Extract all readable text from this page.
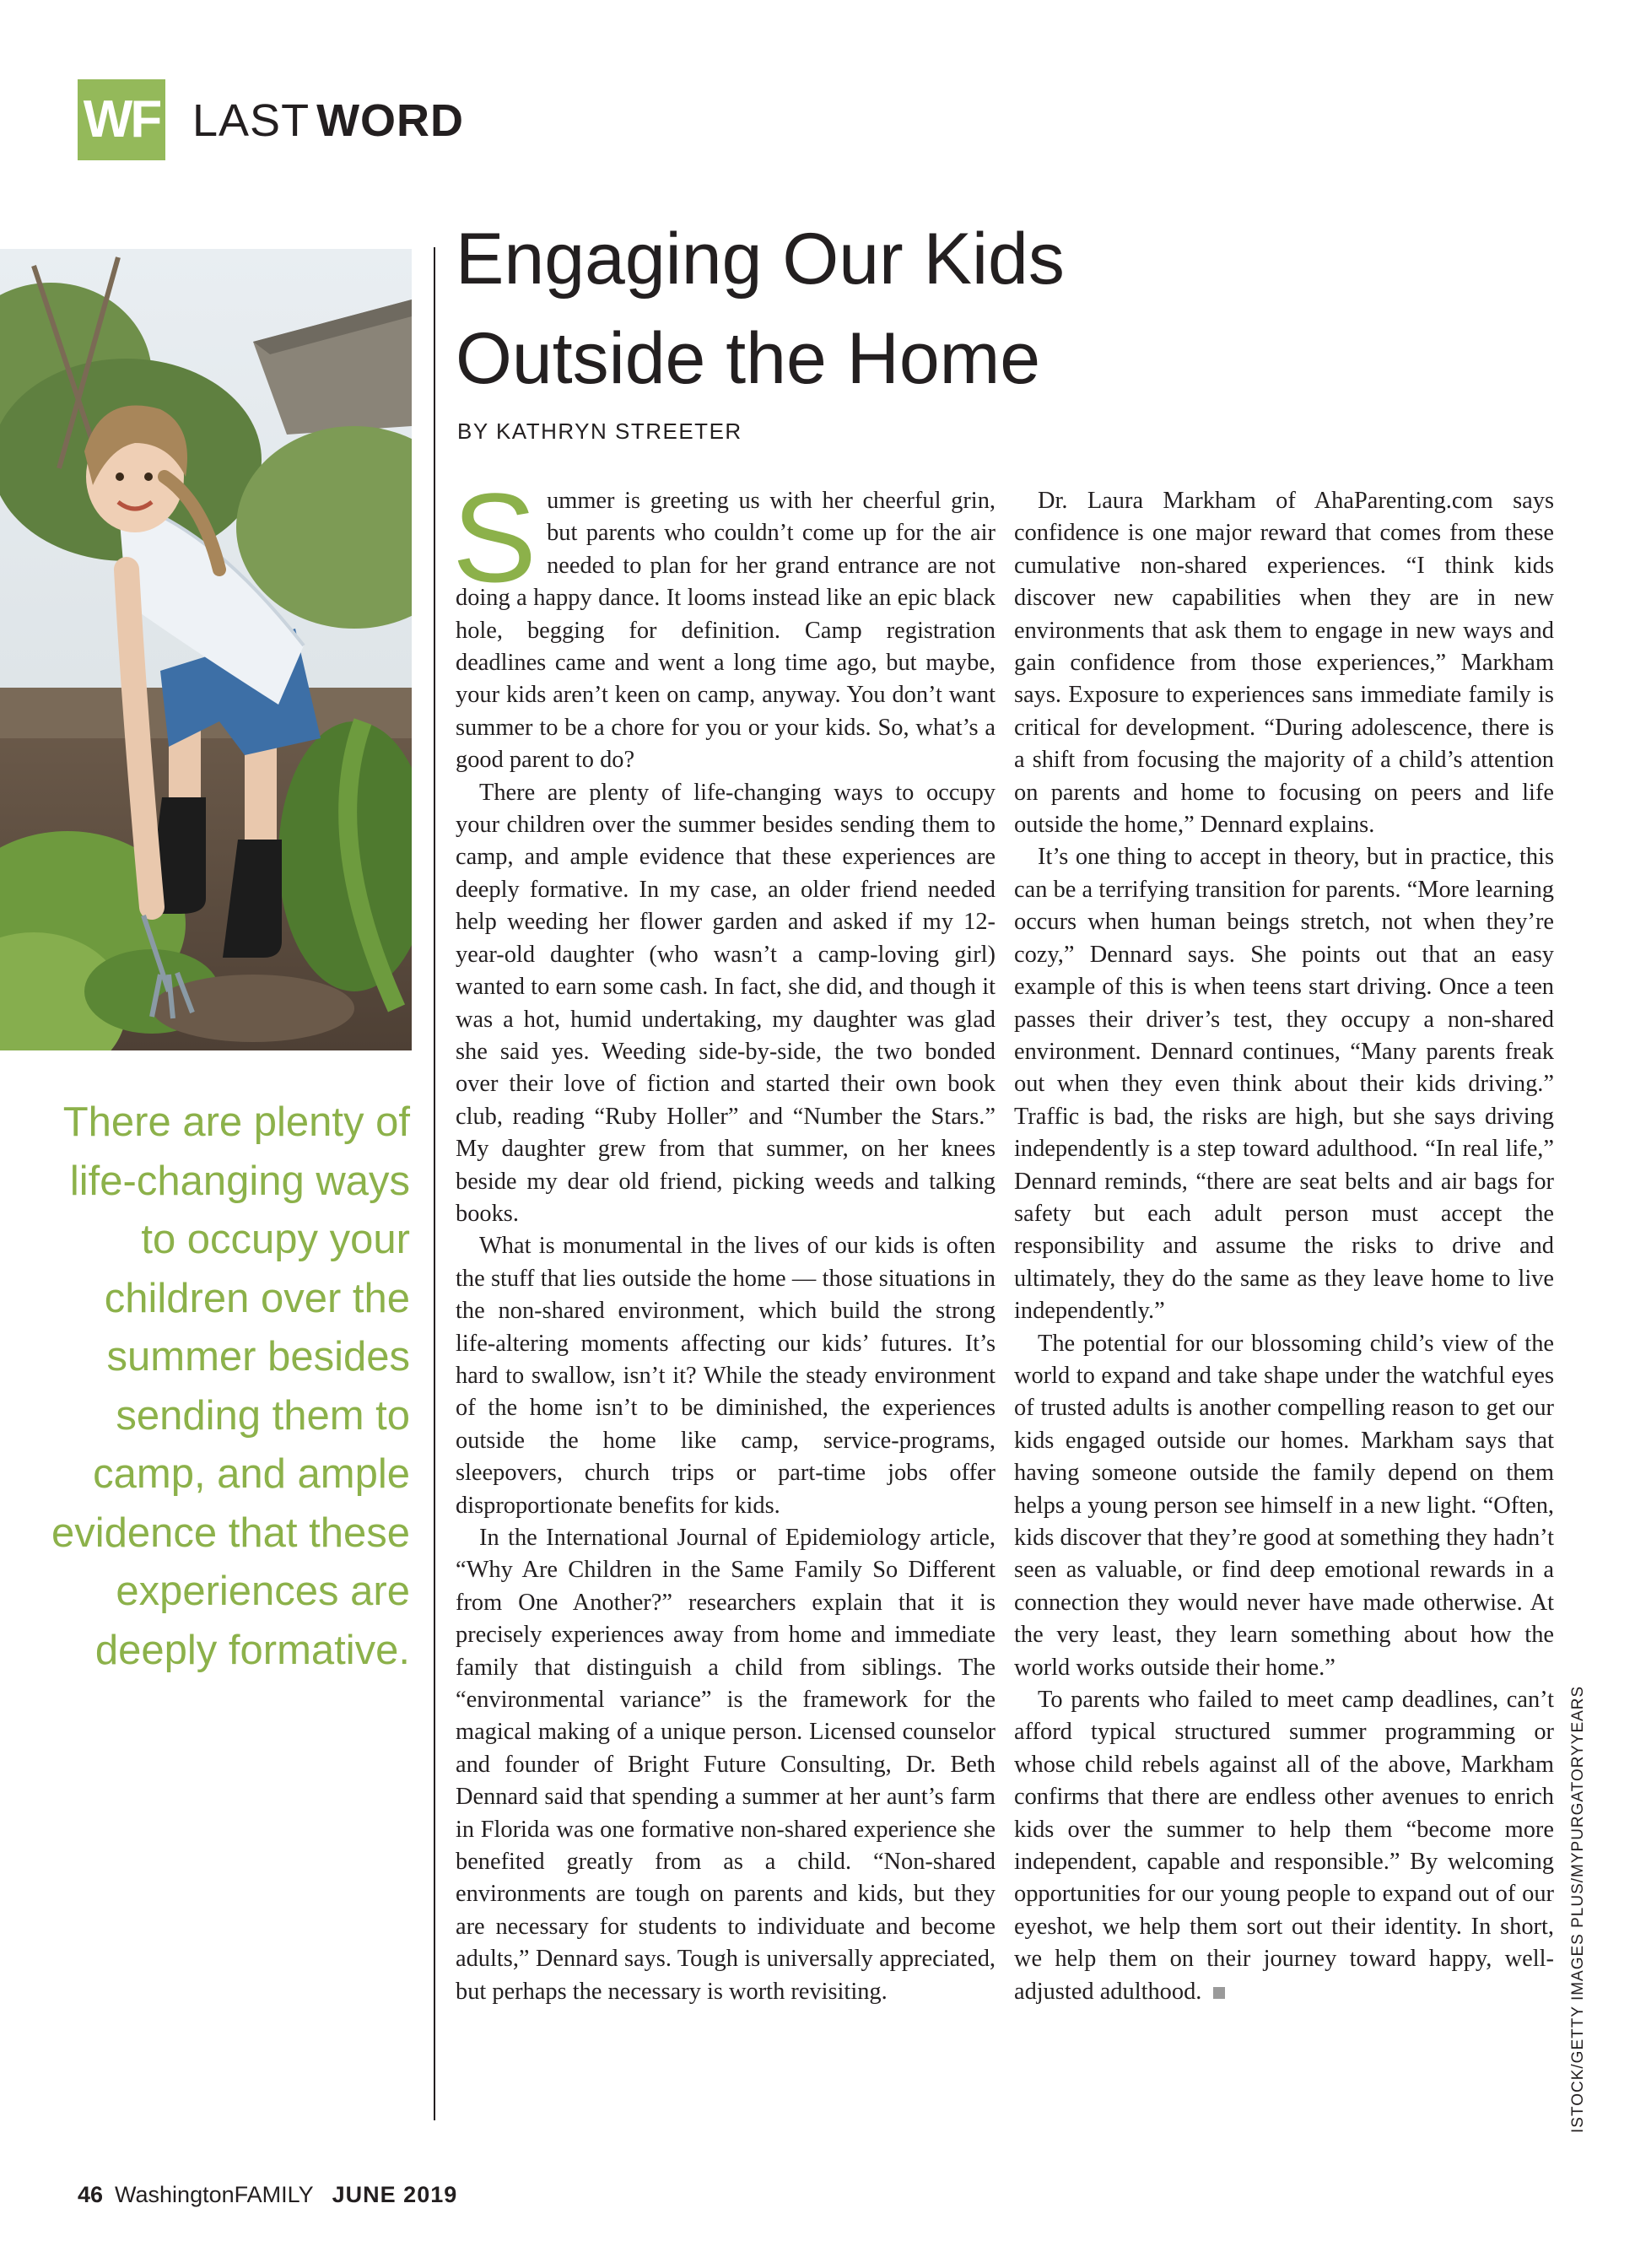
WF LAST WORD
There are plenty of life-changing ways to occupy your children over the summer besides sending them to camp, and ample evidence that these experiences are deeply formative.
Engaging Our Kids
Outside the Home
BY KATHRYN STREETER

Summer is greeting us with her cheerful grin, but parents who couldn’t come up for the air needed to plan for her grand entrance are not doing a happy dance. It looms instead like an epic black hole, begging for definition. Camp registration deadlines came and went a long time ago, but maybe, your kids aren’t keen on camp, anyway. You don’t want summer to be a chore for you or your kids. So, what’s a good parent to do?

There are plenty of life-changing ways to occupy your children over the summer besides sending them to camp, and ample evidence that these experiences are deeply formative. In my case, an older friend needed help weeding her flower garden and asked if my 12-year-old daughter (who wasn’t a camp-loving girl) wanted to earn some cash. In fact, she did, and though it was a hot, humid undertaking, my daughter was glad she said yes. Weeding side-by-side, the two bonded over their love of fiction and started their own book club, reading “Ruby Holler” and “Number the Stars.” My daughter grew from that summer, on her knees beside my dear old friend, picking weeds and talking books.

What is monumental in the lives of our kids is often the stuff that lies outside the home — those situations in the non-shared environment, which build the strong life-altering moments affecting our kids’ futures. It’s hard to swallow, isn’t it? While the steady environment of the home isn’t to be diminished, the experiences outside the home like camp, service-programs, sleepovers, church trips or part-time jobs offer disproportionate benefits for kids.

In the International Journal of Epidemiology article, “Why Are Children in the Same Family So Different from One Another?” researchers explain that it is precisely experiences away from home and immediate family that distinguish a child from siblings. The “environmental variance” is the framework for the magical making of a unique person. Licensed counselor and founder of Bright Future Consulting, Dr. Beth Dennard said that spending a summer at her aunt’s farm in Florida was one formative non-shared experience she benefited greatly from as a child. “Non-shared environments are tough on parents and kids, but they are necessary for students to individuate and become adults,” Dennard says. Tough is universally appreciated, but perhaps the necessary is worth revisiting.

Dr. Laura Markham of AhaParenting.com says confidence is one major reward that comes from these cumulative non-shared experiences. “I think kids discover new capabilities when they are in new environments that ask them to engage in new ways and gain confidence from those experiences,” Markham says. Exposure to experiences sans immediate family is critical for development. “During adolescence, there is a shift from focusing the majority of a child’s attention on parents and home to focusing on peers and life outside the home,” Dennard explains.

It’s one thing to accept in theory, but in practice, this can be a terrifying transition for parents. “More learning occurs when human beings stretch, not when they’re cozy,” Dennard says. She points out that an easy example of this is when teens start driving. Once a teen passes their driver’s test, they occupy a non-shared environment. Dennard continues, “Many parents freak out when they even think about their kids driving.” Traffic is bad, the risks are high, but she says driving independently is a step toward adulthood. “In real life,” Dennard reminds, “there are seat belts and air bags for safety but each adult person must accept the responsibility and assume the risks to drive and ultimately, they do the same as they leave home to live independently.”

The potential for our blossoming child’s view of the world to expand and take shape under the watchful eyes of trusted adults is another compelling reason to get our kids engaged outside our homes. Markham says that having someone outside the family depend on them helps a young person see himself in a new light. “Often, kids discover that they’re good at something they hadn’t seen as valuable, or find deep emotional rewards in a connection they would never have made otherwise. At the very least, they learn something about how the world works outside their home.”

To parents who failed to meet camp deadlines, can’t afford typical structured summer programming or whose child rebels against all of the above, Markham confirms that there are endless other avenues to enrich kids over the summer to help them “become more independent, capable and responsible.” By welcoming opportunities for our young people to expand out of our eyeshot, we help them sort out their identity. In short, we help them on their journey toward happy, well-adjusted adulthood.	ISTOCK/GETTY IMAGES PLUS/MYPURGATORYYEARS
46 WashingtonFAMILY JUNE 2019
